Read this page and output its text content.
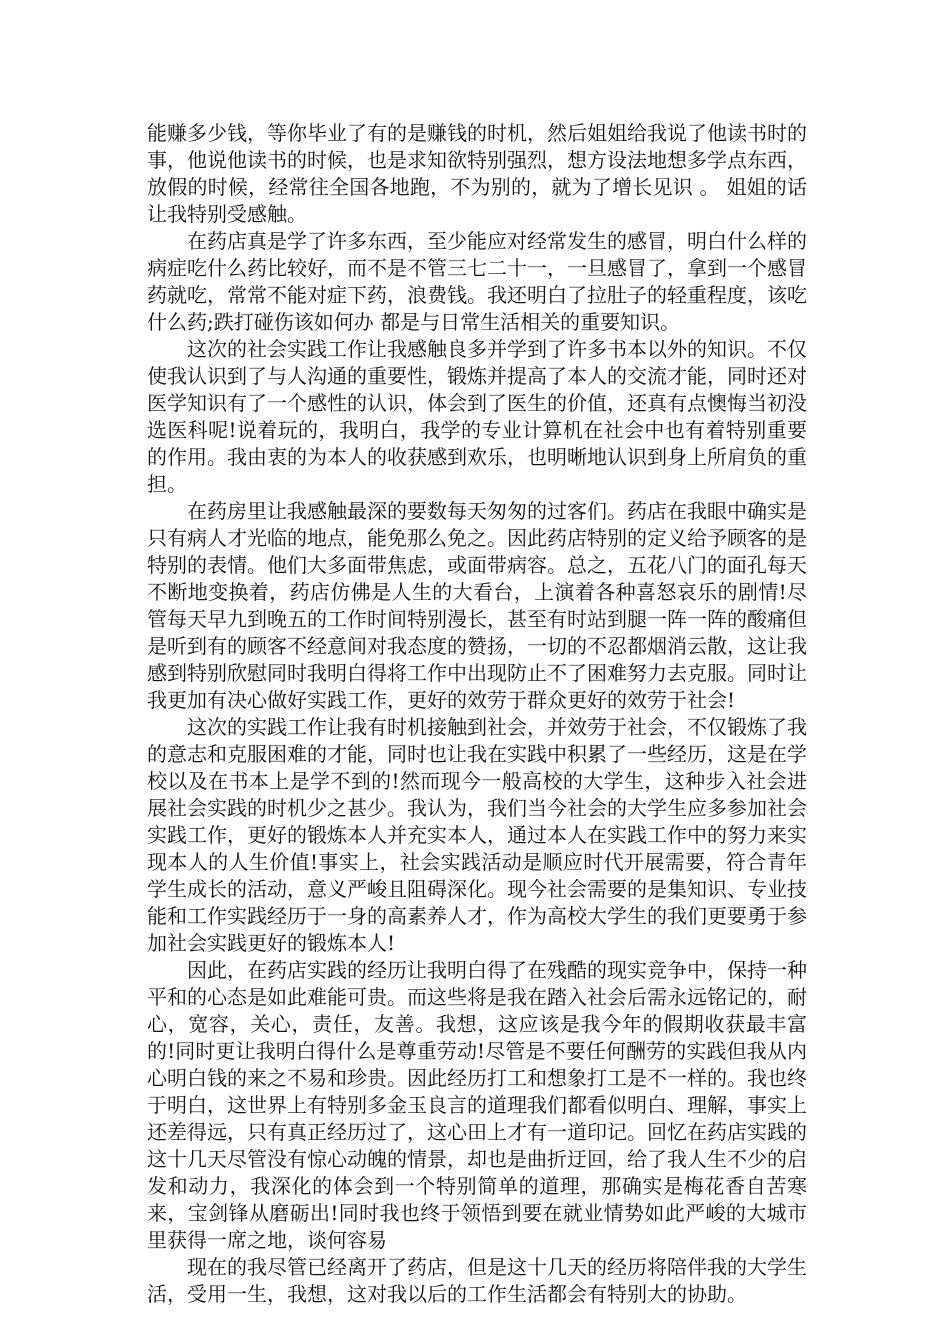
能赚多少钱，等你毕业了有的是赚钱的时机，然后姐姐给我说了他读书时的事，他说他读书的时候，也是求知欲特别强烈，想方设法地想多学点东西，放假的时候，经常往全国各地跑，不为别的，就为了增长见识 。 姐姐的话让我特别受感触。

在药店真是学了许多东西，至少能应对经常发生的感冒，明白什么样的病症吃什么药比较好，而不是不管三七二十一，一旦感冒了，拿到一个感冒药就吃，常常不能对症下药，浪费钱。我还明白了拉肚子的轻重程度，该吃什么药;跌打碰伤该如何办 都是与日常生活相关的重要知识。

这次的社会实践工作让我感触良多并学到了许多书本以外的知识。不仅使我认识到了与人沟通的重要性，锻炼并提高了本人的交流才能，同时还对医学知识有了一个感性的认识，体会到了医生的价值，还真有点懊悔当初没选医科呢!说着玩的，我明白，我学的专业计算机在社会中也有着特别重要的作用。我由衷的为本人的收获感到欢乐，也明晰地认识到身上所肩负的重担。

在药房里让我感触最深的要数每天匆匆的过客们。药店在我眼中确实是只有病人才光临的地点，能免那么免之。因此药店特别的定义给予顾客的是特别的表情。他们大多面带焦虑，或面带病容。总之，五花八门的面孔每天不断地变换着，药店仿佛是人生的大看台，上演着各种喜怒哀乐的剧情!尽管每天早九到晚五的工作时间特别漫长，甚至有时站到腿一阵一阵的酸痛但是听到有的顾客不经意间对我态度的赞扬，一切的不忍都烟消云散，这让我感到特别欣慰同时我明白得将工作中出现防止不了困难努力去克服。同时让我更加有决心做好实践工作，更好的效劳于群众更好的效劳于社会!

这次的实践工作让我有时机接触到社会，并效劳于社会，不仅锻炼了我的意志和克服困难的才能，同时也让我在实践中积累了一些经历，这是在学校以及在书本上是学不到的!然而现今一般高校的大学生，这种步入社会进展社会实践的时机少之甚少。我认为，我们当今社会的大学生应多参加社会实践工作，更好的锻炼本人并充实本人，通过本人在实践工作中的努力来实现本人的人生价值!事实上，社会实践活动是顺应时代开展需要，符合青年学生成长的活动，意义严峻且阻碍深化。现今社会需要的是集知识、专业技能和工作实践经历于一身的高素养人才，作为高校大学生的我们更要勇于参加社会实践更好的锻炼本人!

因此，在药店实践的经历让我明白得了在残酷的现实竞争中，保持一种平和的心态是如此难能可贵。而这些将是我在踏入社会后需永远铭记的，耐心，宽容，关心，责任，友善。我想，这应该是我今年的假期收获最丰富的!同时更让我明白得什么是尊重劳动!尽管是不要任何酬劳的实践但我从内心明白钱的来之不易和珍贵。因此经历打工和想象打工是不一样的。我也终于明白，这世界上有特别多金玉良言的道理我们都看似明白、理解，事实上还差得远，只有真正经历过了，这心田上才有一道印记。回忆在药店实践的这十几天尽管没有惊心动魄的情景，却也是曲折迂回，给了我人生不少的启发和动力，我深化的体会到一个特别简单的道理，那确实是梅花香自苦寒来，宝剑锋从磨砺出!同时我也终于领悟到要在就业情势如此严峻的大城市里获得一席之地，谈何容易

现在的我尽管已经离开了药店，但是这十几天的经历将陪伴我的大学生活，受用一生，我想，这对我以后的工作生活都会有特别大的协助。
